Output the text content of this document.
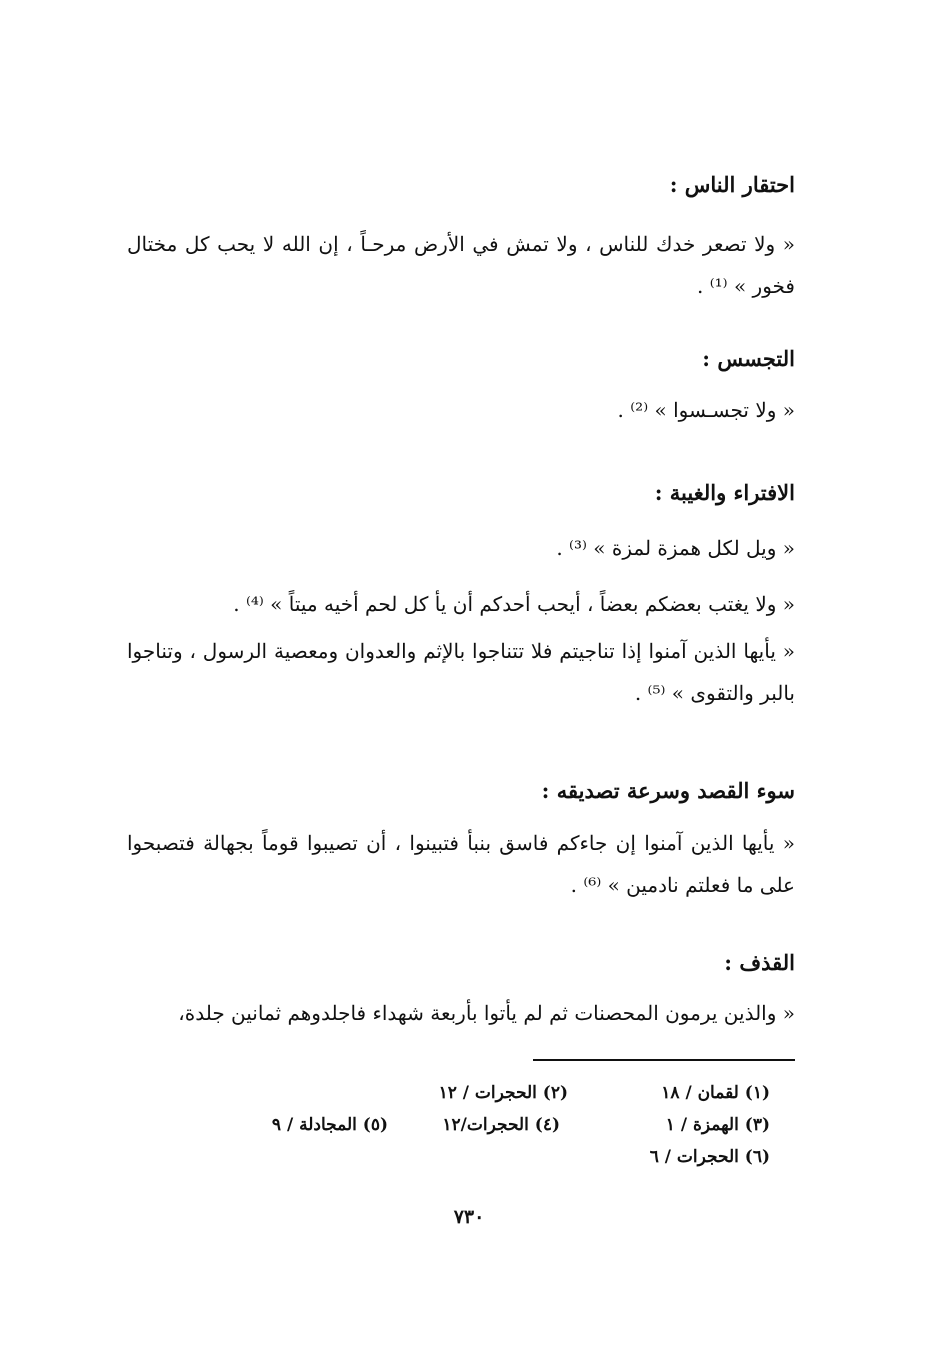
احتقار الناس :
« ولا تصعر خدك للناس ، ولا تمش في الأرض مرحـاً ، إن الله لا يحب كل مختال فخور » ⁽¹⁾ .
التجسس :
« ولا تجسـسوا » ⁽²⁾ .
الافتراء والغيبة :
« ويل لكل همزة لمزة » ⁽³⁾ .
« ولا يغتب بعضكم بعضاً ، أيحب أحدكم أن يأ كل لحم أخيه ميتاً » ⁽⁴⁾ .
« يأيها الذين آمنوا إذا تناجيتم فلا تتناجوا بالإثم والعدوان ومعصية الرسول ، وتناجوا بالبر والتقوى » ⁽⁵⁾ .
سوء القصد وسرعة تصديقه :
« يأيها الذين آمنوا إن جاءكم فاسق بنبأ فتبينوا ، أن تصيبوا قوماً بجهالة فتصبحوا على ما فعلتم نادمين » ⁽⁶⁾ .
القذف :
« والذين يرمون المحصنات ثم لم يأتوا بأربعة شهداء فاجلدوهم ثمانين جلدة،
(١) لقمان / ١٨
(٢) الحجرات / ١٢
(٣) الهمزة / ١
(٤) الحجرات/١٢
(٥) المجادلة / ٩
(٦) الحجرات / ٦
٧٣٠
